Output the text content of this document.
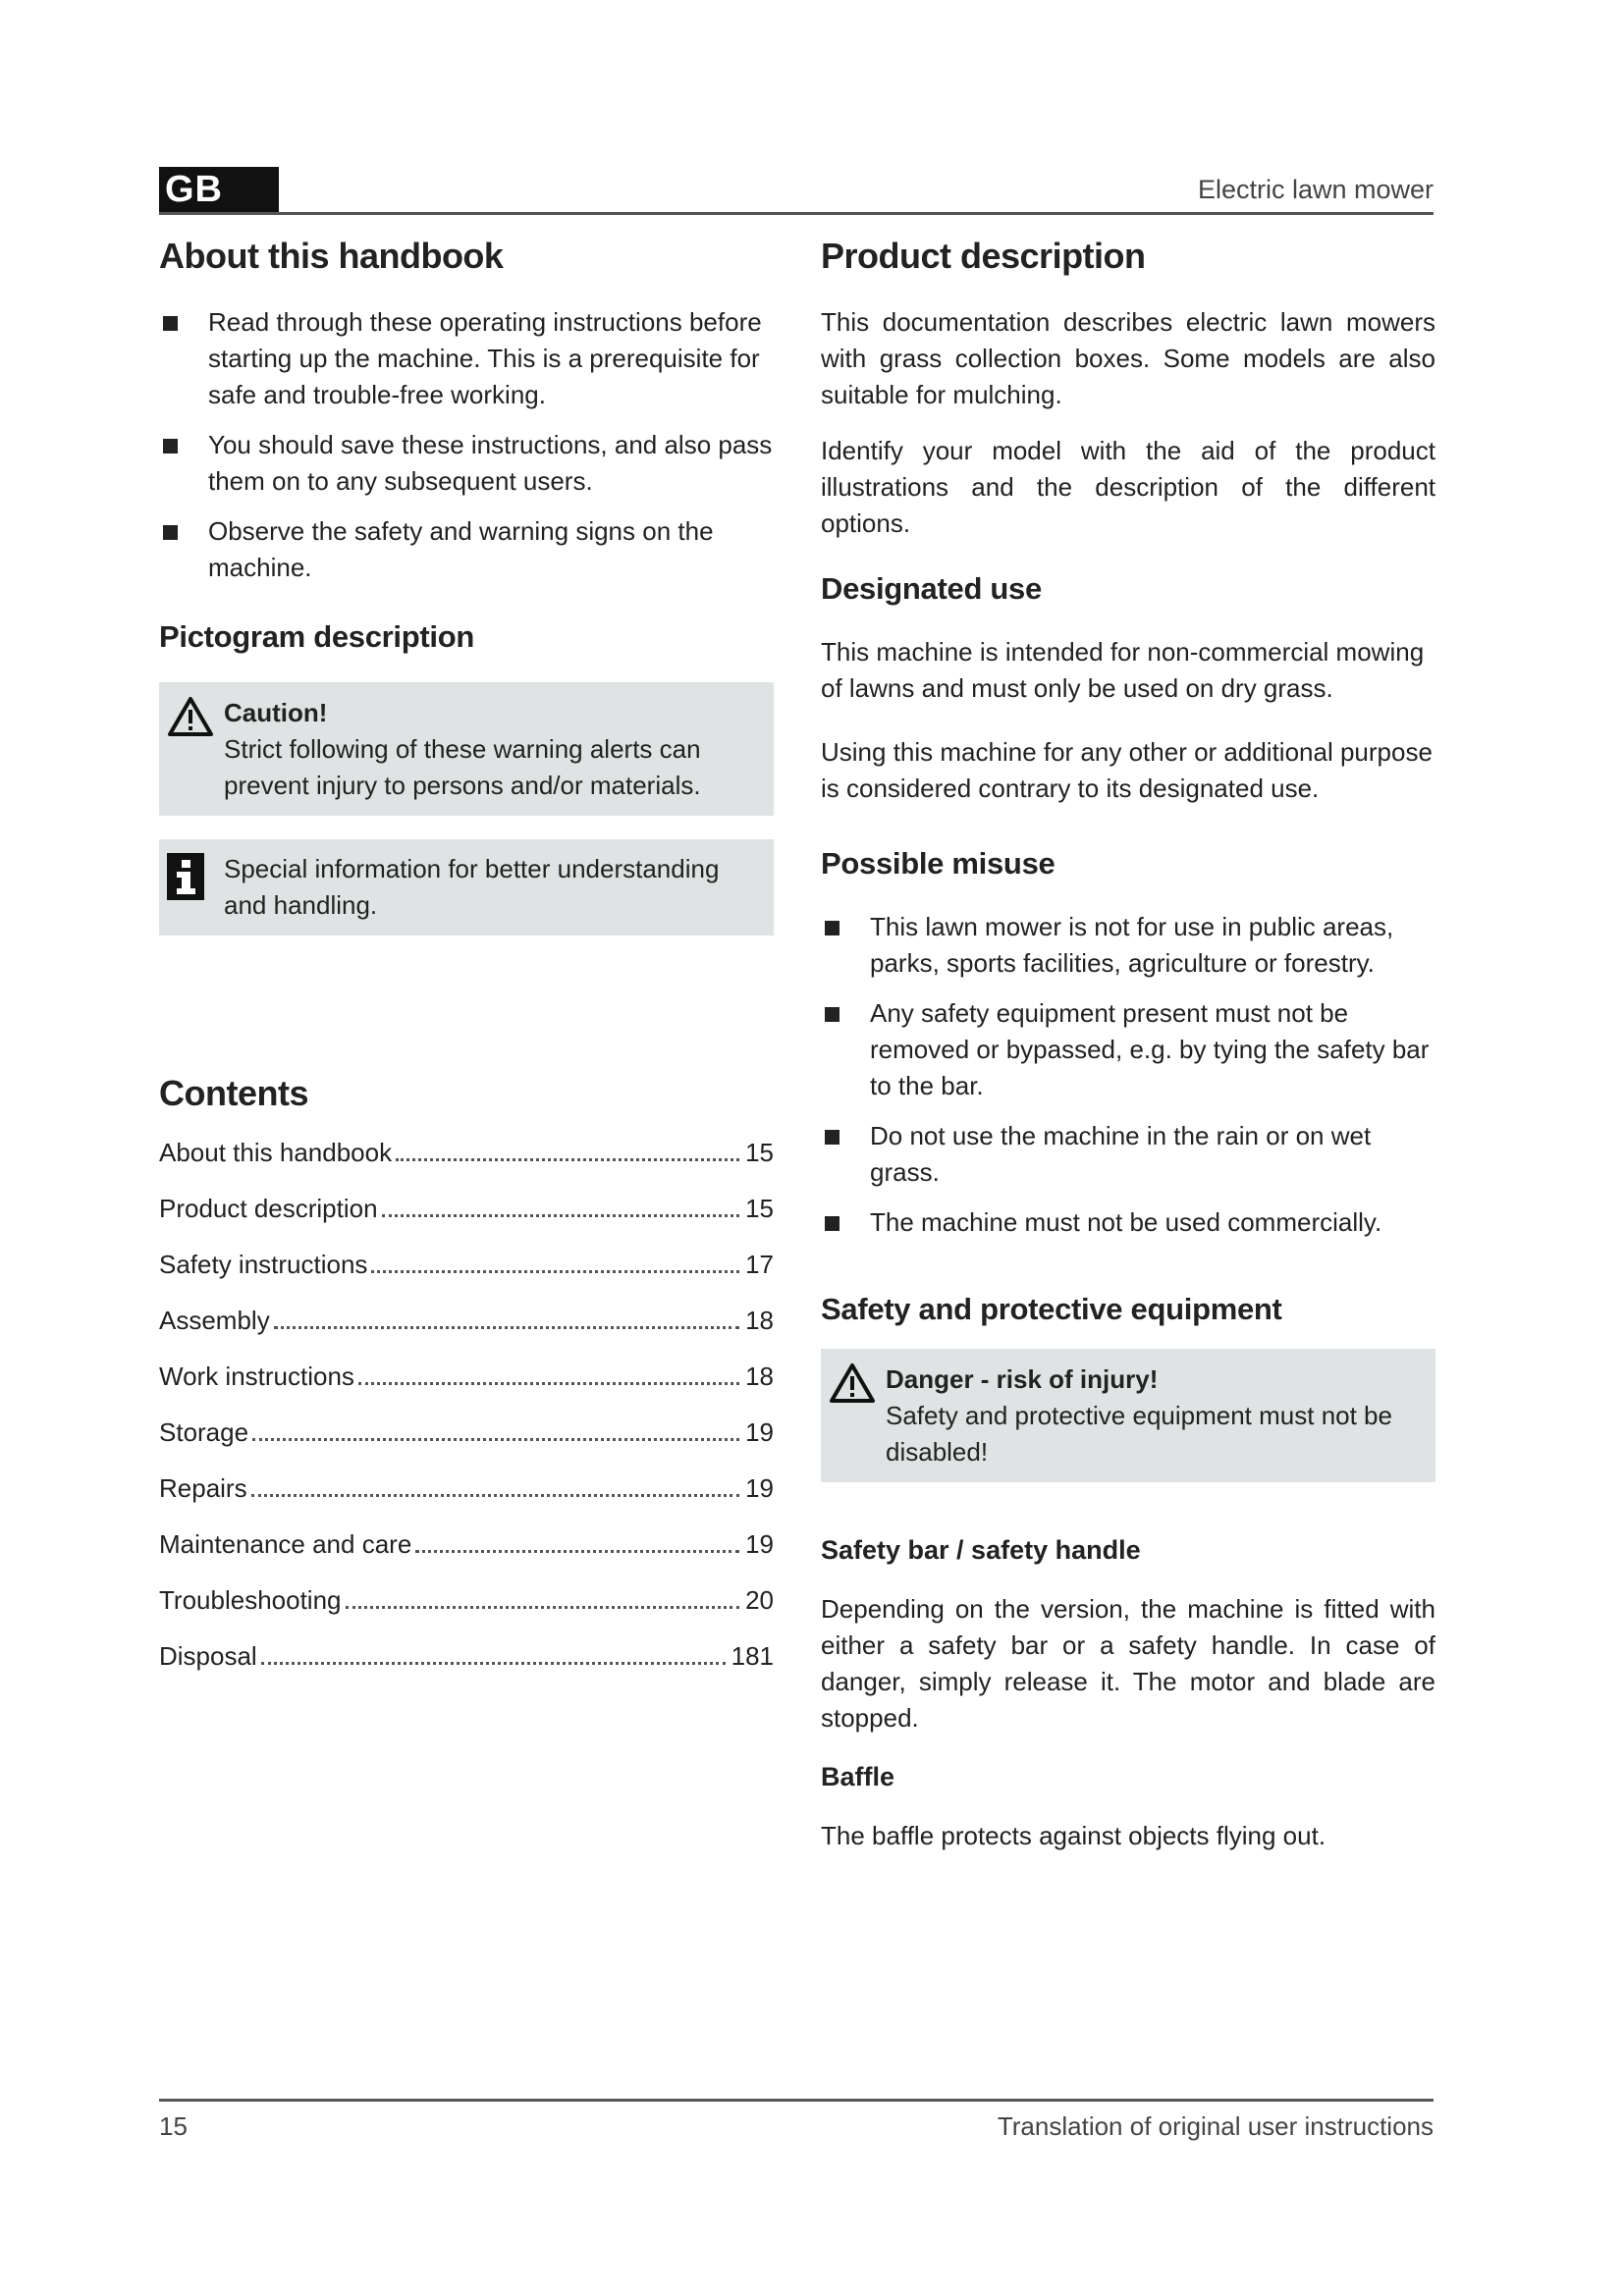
GB	Electric lawn mower
About this handbook
Read through these operating instructions before starting up the machine. This is a prerequisite for safe and trouble-free working.
You should save these instructions, and also pass them on to any subsequent users.
Observe the safety and warning signs on the machine.
Pictogram description
Caution!
Strict following of these warning alerts can prevent injury to persons and/or materials.
Special information for better understanding and handling.
Contents
About this handbook	15
Product description	15
Safety instructions	17
Assembly	18
Work instructions	18
Storage	19
Repairs	19
Maintenance and care	19
Troubleshooting	20
Disposal	181
Product description

This documentation describes electric lawn mowers with grass collection boxes. Some models are also suitable for mulching.

Identify your model with the aid of the product illustrations and the description of the different options.

Designated use

This machine is intended for non-commercial mowing of lawns and must only be used on dry grass.

Using this machine for any other or additional purpose is considered contrary to its designated use.

Possible misuse
This lawn mower is not for use in public areas, parks, sports facilities, agriculture or forestry.
Any safety equipment present must not be removed or bypassed, e.g. by tying the safety bar to the bar.
Do not use the machine in the rain or on wet grass.
The machine must not be used commercially.
Safety and protective equipment
Danger - risk of injury!
Safety and protective equipment must not be disabled!
Safety bar / safety handle

Depending on the version, the machine is fitted with either a safety bar or a safety handle. In case of danger, simply release it. The motor and blade are stopped.

Baffle

The baffle protects against objects flying out.

15	Translation of original user instructions
